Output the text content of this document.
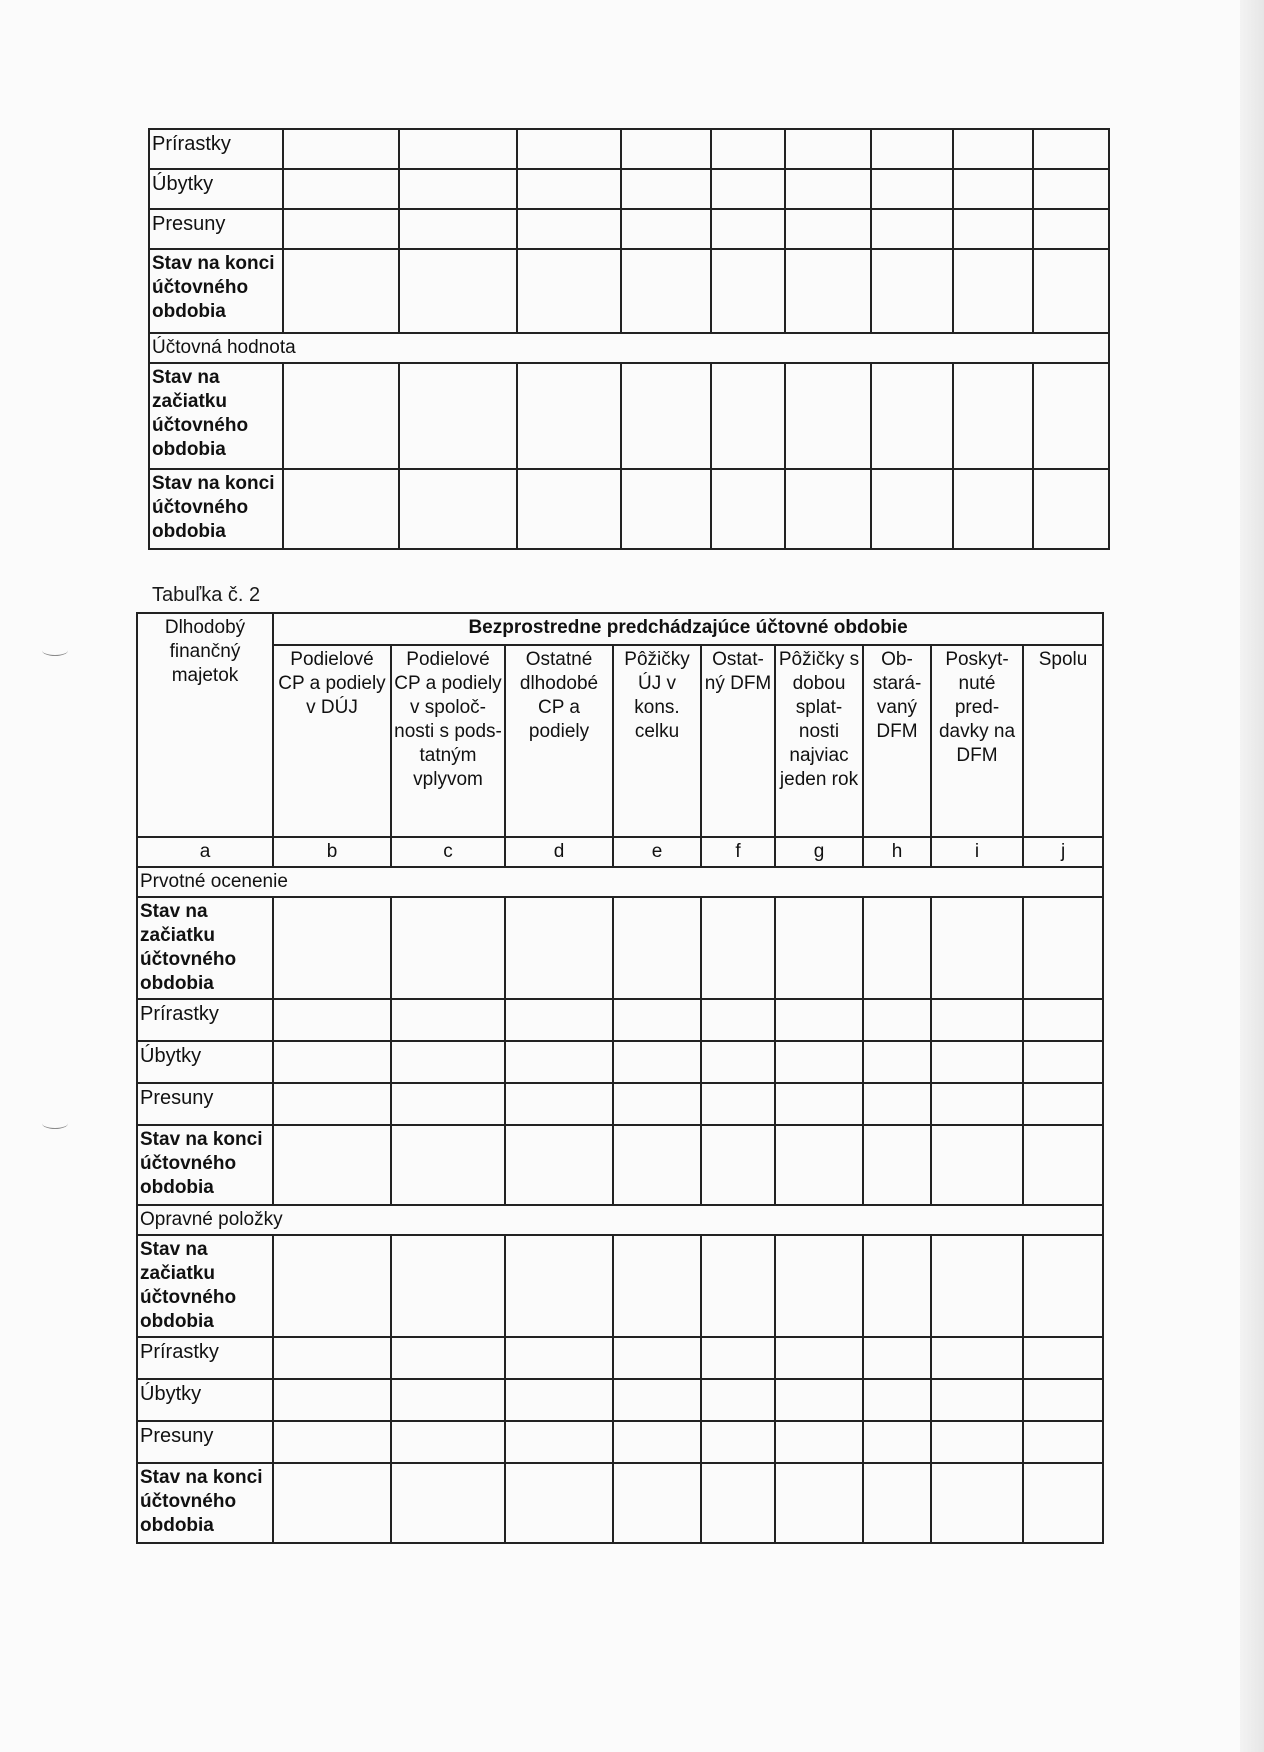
Prírastky									
Úbytky									
Presuny									
Stav na konci účtovného obdobia									
Účtovná hodnota									
Stav na začiatku účtovného obdobia									
Stav na konci účtovného obdobia									
Tabuľka č. 2
Dlhodobý finančný majetok	Bezprostredne predchádzajúce účtovné obdobie								
	Podielové CP a podiely v DÚJ	Podielové CP a podiely v spoloč- nosti s pods- tatným vplyvom	Ostatné dlhodobé CP a podiely	Pôžičky ÚJ v kons. celku	Ostat- ný DFM	Pôžičky s dobou splat- nosti najviac jeden rok	Ob- stará- vaný DFM	Poskyt- nuté pred- davky na DFM	Spolu
a	b	c	d	e	f	g	h	i	j
Prvotné ocenenie									
Stav na začiatku účtovného obdobia									
Prírastky									
Úbytky									
Presuny									
Stav na konci účtovného obdobia									
Opravné položky									
Stav na začiatku účtovného obdobia									
Prírastky									
Úbytky									
Presuny									
Stav na konci účtovného obdobia									
